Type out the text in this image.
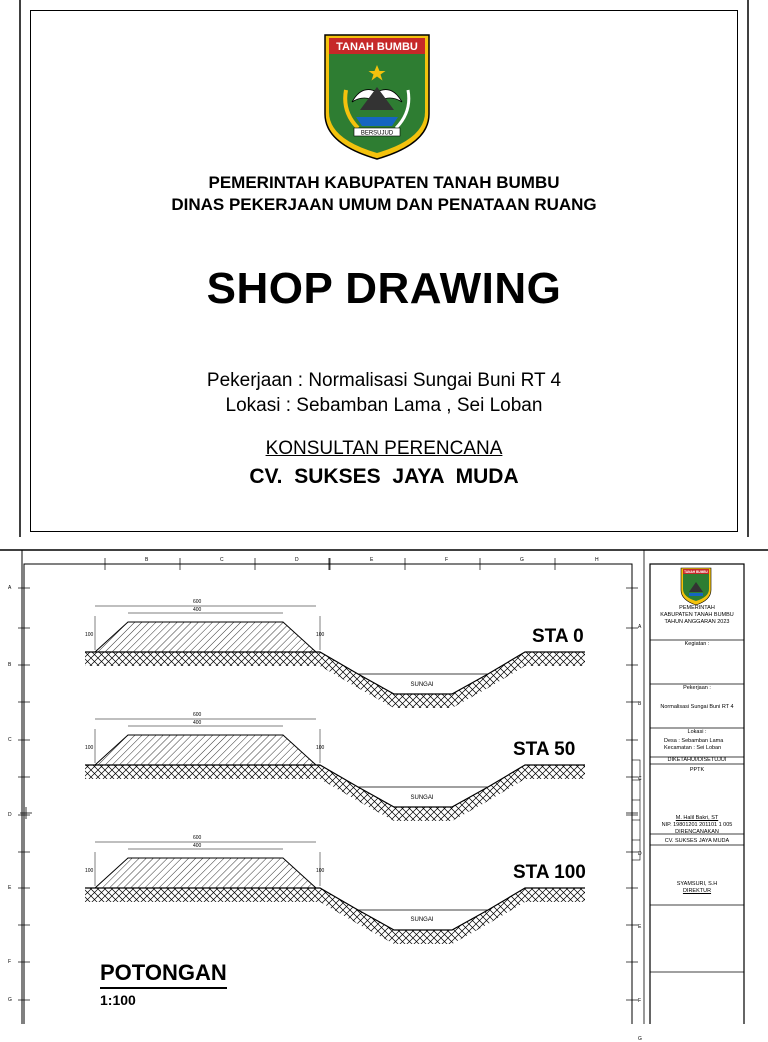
TANAH BUMBU
BERSUJUD
PEMERINTAH KABUPATEN TANAH BUMBU
DINAS PEKERJAAN UMUM DAN PENATAAN RUANG
SHOP DRAWING
Pekerjaan : Normalisasi Sungai Buni RT 4
Lokasi : Sebamban Lama , Sei Loban
KONSULTAN PERENCANA
CV. SUKSES JAYA MUDA
TANAH BUMBU
STA 0
STA 50
STA 100
SUNGAI
SUNGAI
SUNGAI
600
400
100	100
600
400
100	100
600
400
100	100
B	C	D	E	F	G	H
A
B
C
D
E
F
G
A
B
C
D
E
F
G
POTONGAN
1:100
PEMERINTAH
KABUPATEN TANAH BUMBU
TAHUN ANGGARAN 2023
Kegiatan :
Pekerjaan :
Normalisasi Sungai Buni RT 4
Lokasi :
Desa : Sebamban Lama
Kecamatan : Sei Loban
DIKETAHUI/DISETUJUI
PPTK
M. Halil Bakri, ST
NIP. 19801201 201101 1 005
DIRENCANAKAN
CV. SUKSES JAYA MUDA
SYAMSURI, S.H
DIREKTUR
